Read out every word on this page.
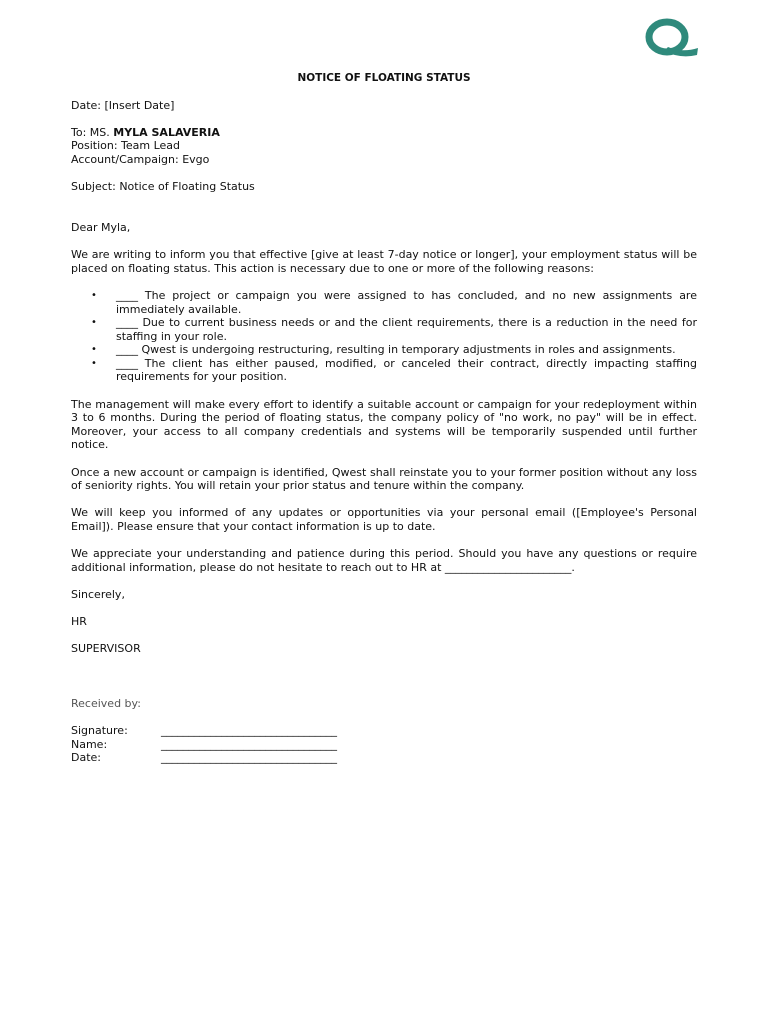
NOTICE OF FLOATING STATUS

Date: [Insert Date]

To: MS. MYLA SALAVERIA

Position: Team Lead

Account/Campaign: Evgo

Subject: Notice of Floating Status

Dear Myla,

We are writing to inform you that effective [give at least 7-day notice or longer], your employment status will be placed on floating status. This action is necessary due to one or more of the following reasons:

• ____ The project or campaign you were assigned to has concluded, and no new assignments are immediately available.
• ____ Due to current business needs or and the client requirements, there is a reduction in the need for staffing in your role.
• ____ Qwest is undergoing restructuring, resulting in temporary adjustments in roles and assignments.
• ____ The client has either paused, modified, or canceled their contract, directly impacting staffing requirements for your position.

The management will make every effort to identify a suitable account or campaign for your redeployment within 3 to 6 months. During the period of floating status, the company policy of "no work, no pay" will be in effect. Moreover, your access to all company credentials and systems will be temporarily suspended until further notice.

Once a new account or campaign is identified, Qwest shall reinstate you to your former position without any loss of seniority rights. You will retain your prior status and tenure within the company.

We will keep you informed of any updates or opportunities via your personal email ([Employee's Personal Email]). Please ensure that your contact information is up to date.

We appreciate your understanding and patience during this period. Should you have any questions or require additional information, please do not hesitate to reach out to HR at _______________________.

Sincerely,

HR

SUPERVISOR

Received by:

Signature:	________________________________
Name:	________________________________
Date:	________________________________
